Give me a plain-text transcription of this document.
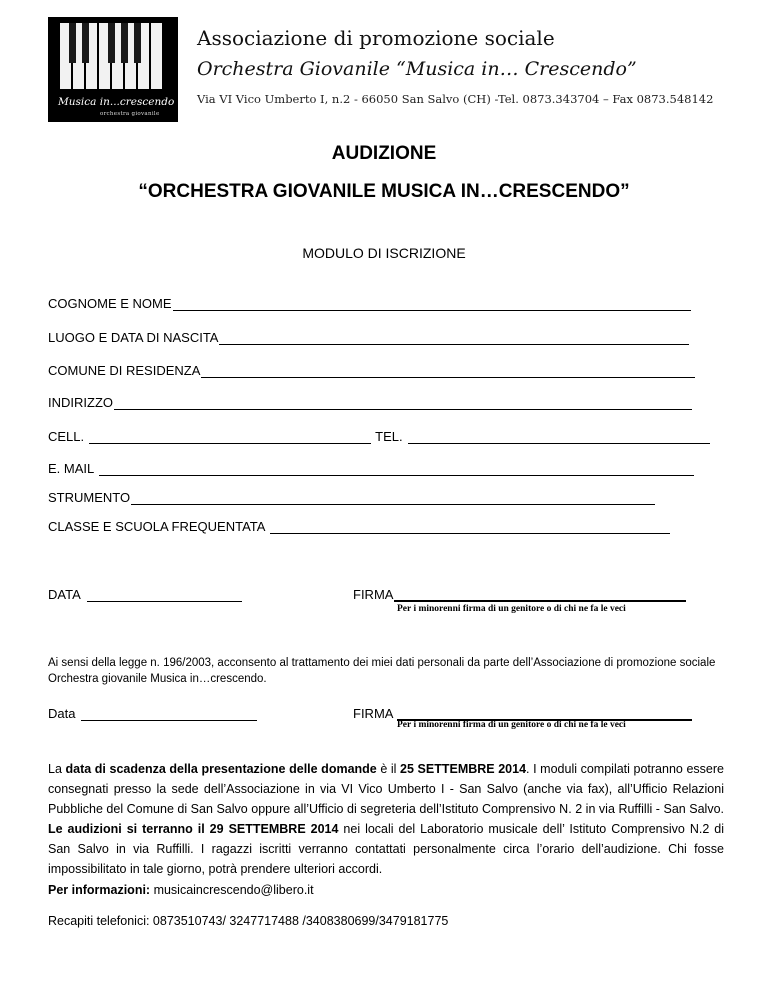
Musica in...crescendo
orchestra giovanile
Associazione di promozione sociale
Orchestra Giovanile “Musica in… Crescendo”
Via VI Vico Umberto I, n.2 - 66050 San Salvo (CH) -Tel. 0873.343704 – Fax 0873.548142
AUDIZIONE
“ORCHESTRA GIOVANILE MUSICA IN…CRESCENDO”
MODULO DI ISCRIZIONE
COGNOME E NOME
LUOGO E DATA DI NASCITA
COMUNE DI RESIDENZA
INDIRIZZO
CELL.	TEL.
E. MAIL
STRUMENTO
CLASSE E SCUOLA FREQUENTATA
DATA	FIRMA
Per i minorenni firma di un genitore o di chi ne fa le veci
Ai sensi della legge n. 196/2003, acconsento al trattamento dei miei dati personali da parte dell’Associazione di promozione sociale Orchestra giovanile Musica in…crescendo.
Data	FIRMA
Per i minorenni firma di un genitore o di chi ne fa le veci
La data di scadenza della presentazione delle domande è il 25 SETTEMBRE 2014. I moduli compilati potranno essere consegnati presso la sede dell’Associazione in via VI Vico Umberto I - San Salvo (anche via fax), all’Ufficio Relazioni Pubbliche del Comune di San Salvo oppure all’Ufficio di segreteria dell’Istituto Comprensivo N. 2 in via Ruffilli - San Salvo. Le audizioni si terranno il 29 SETTEMBRE 2014 nei locali del Laboratorio musicale dell’ Istituto Comprensivo N.2 di San Salvo in via Ruffilli. I ragazzi iscritti verranno contattati personalmente circa l’orario dell’audizione. Chi fosse impossibilitato in tale giorno, potrà prendere ulteriori accordi.
Per informazioni: musicaincrescendo@libero.it
Recapiti telefonici: 0873510743/ 3247717488 /3408380699/3479181775
